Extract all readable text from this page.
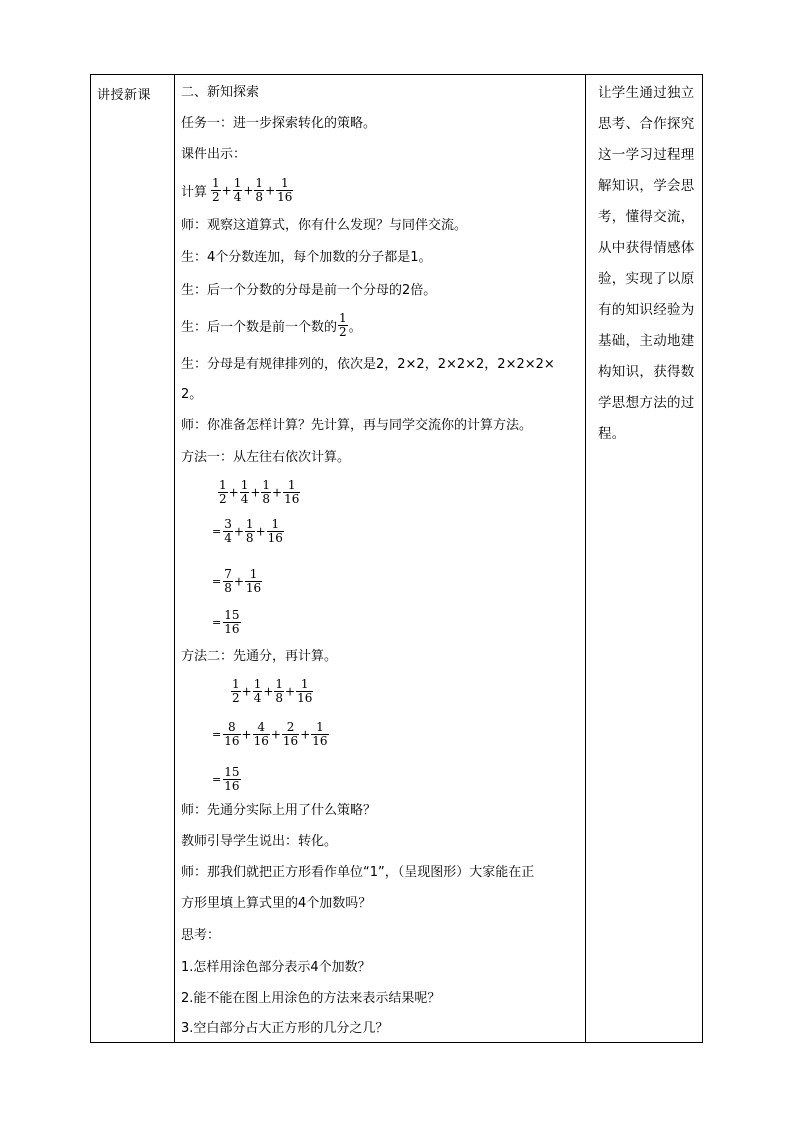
讲授新课 二、新知探索
任务一：进一步探索转化的策略。
课件出示：
计算 $\frac{1}{2} + \frac{1}{4} + \frac{1}{8} + \frac{1}{16}$
师：观察这道算式，你有什么发现？与同伴交流。
生：4个分数连加，每个加数的分子都是1。
生：后一个分数的分母是前一个分母的2倍。
生：后一个数是前一个数的 $\frac{1}{2}$ 。
生：分母是有规律排列的，依次是2，2×2，2×2×2，2×2×2×
2。
师：你准备怎样计算？先计算，再与同学交流你的计算方法。
方法一：从左往右依次计算。
$\frac{1}{2} + \frac{1}{4} + \frac{1}{8} + \frac{1}{16}$
= $\frac{3}{4} + \frac{1}{8} + \frac{1}{16}$
= $\frac{7}{8} + \frac{1}{16}$
= $\frac{15}{16}$
方法二：先通分，再计算。
$\frac{1}{2} + \frac{1}{4} + \frac{1}{8} + \frac{1}{16}$
= $\frac{8}{16} + \frac{4}{16} + \frac{2}{16} + \frac{1}{16}$
= $\frac{15}{16}$
师：先通分实际上用了什么策略？
教师引导学生说出：转化。
师：那我们就把正方形看作单位“1”，（呈现图形）大家能在正
方形里填上算式里的4个加数吗？
思考：
1.怎样用涂色部分表示4个加数？
2.能不能在图上用涂色的方法来表示结果呢？
3.空白部分占大正方形的几分之几？
让学生通过独立
思考、合作探究
这一学习过程理
解知识，学会思
考，懂得交流，
从中获得情感体
验，实现了以原
有的知识经验为
基础，主动地建
构知识，获得数
学思想方法的过
程。
